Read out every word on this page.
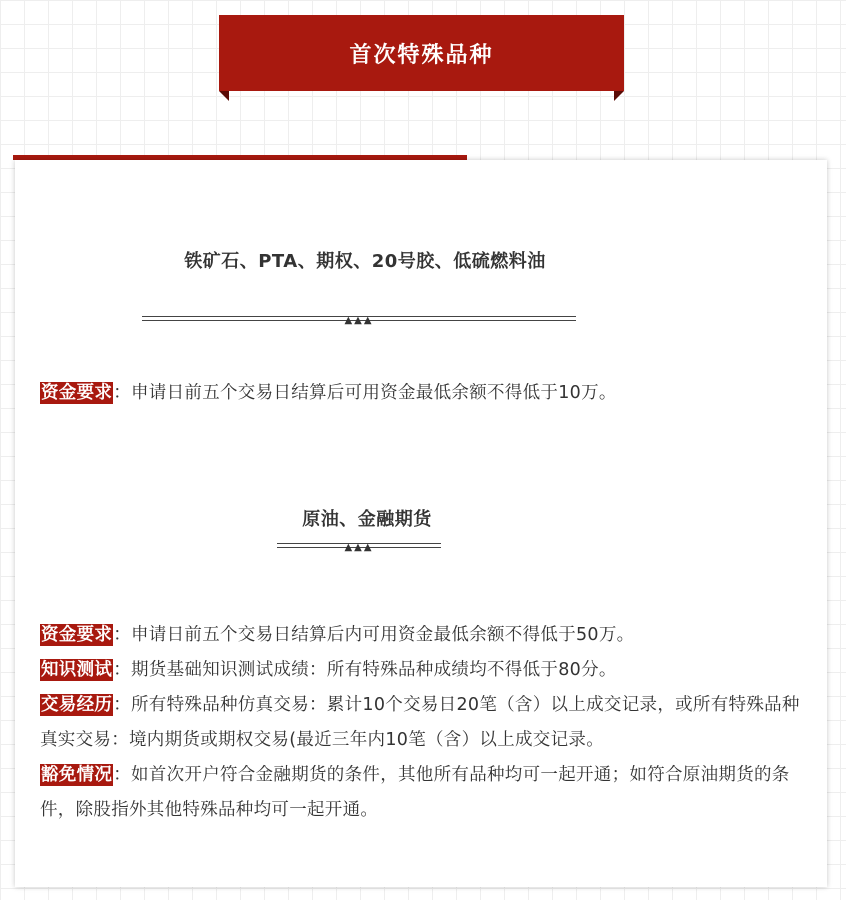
首次特殊品种
铁矿石、PTA、期权、20号胶、低硫燃料油
▲▲▲

资金要求：申请日前五个交易日结算后可用资金最低余额不得低于10万。

原油、金融期货
▲▲▲

资金要求：申请日前五个交易日结算后内可用资金最低余额不得低于50万。
知识测试：期货基础知识测试成绩：所有特殊品种成绩均不得低于80分。
交易经历：所有特殊品种仿真交易：累计10个交易日20笔（含）以上成交记录，或所有特殊品种真实交易：境内期货或期权交易(最近三年内10笔（含）以上成交记录。
豁免情况：如首次开户符合金融期货的条件，其他所有品种均可一起开通；如符合原油期货的条件，除股指外其他特殊品种均可一起开通。
